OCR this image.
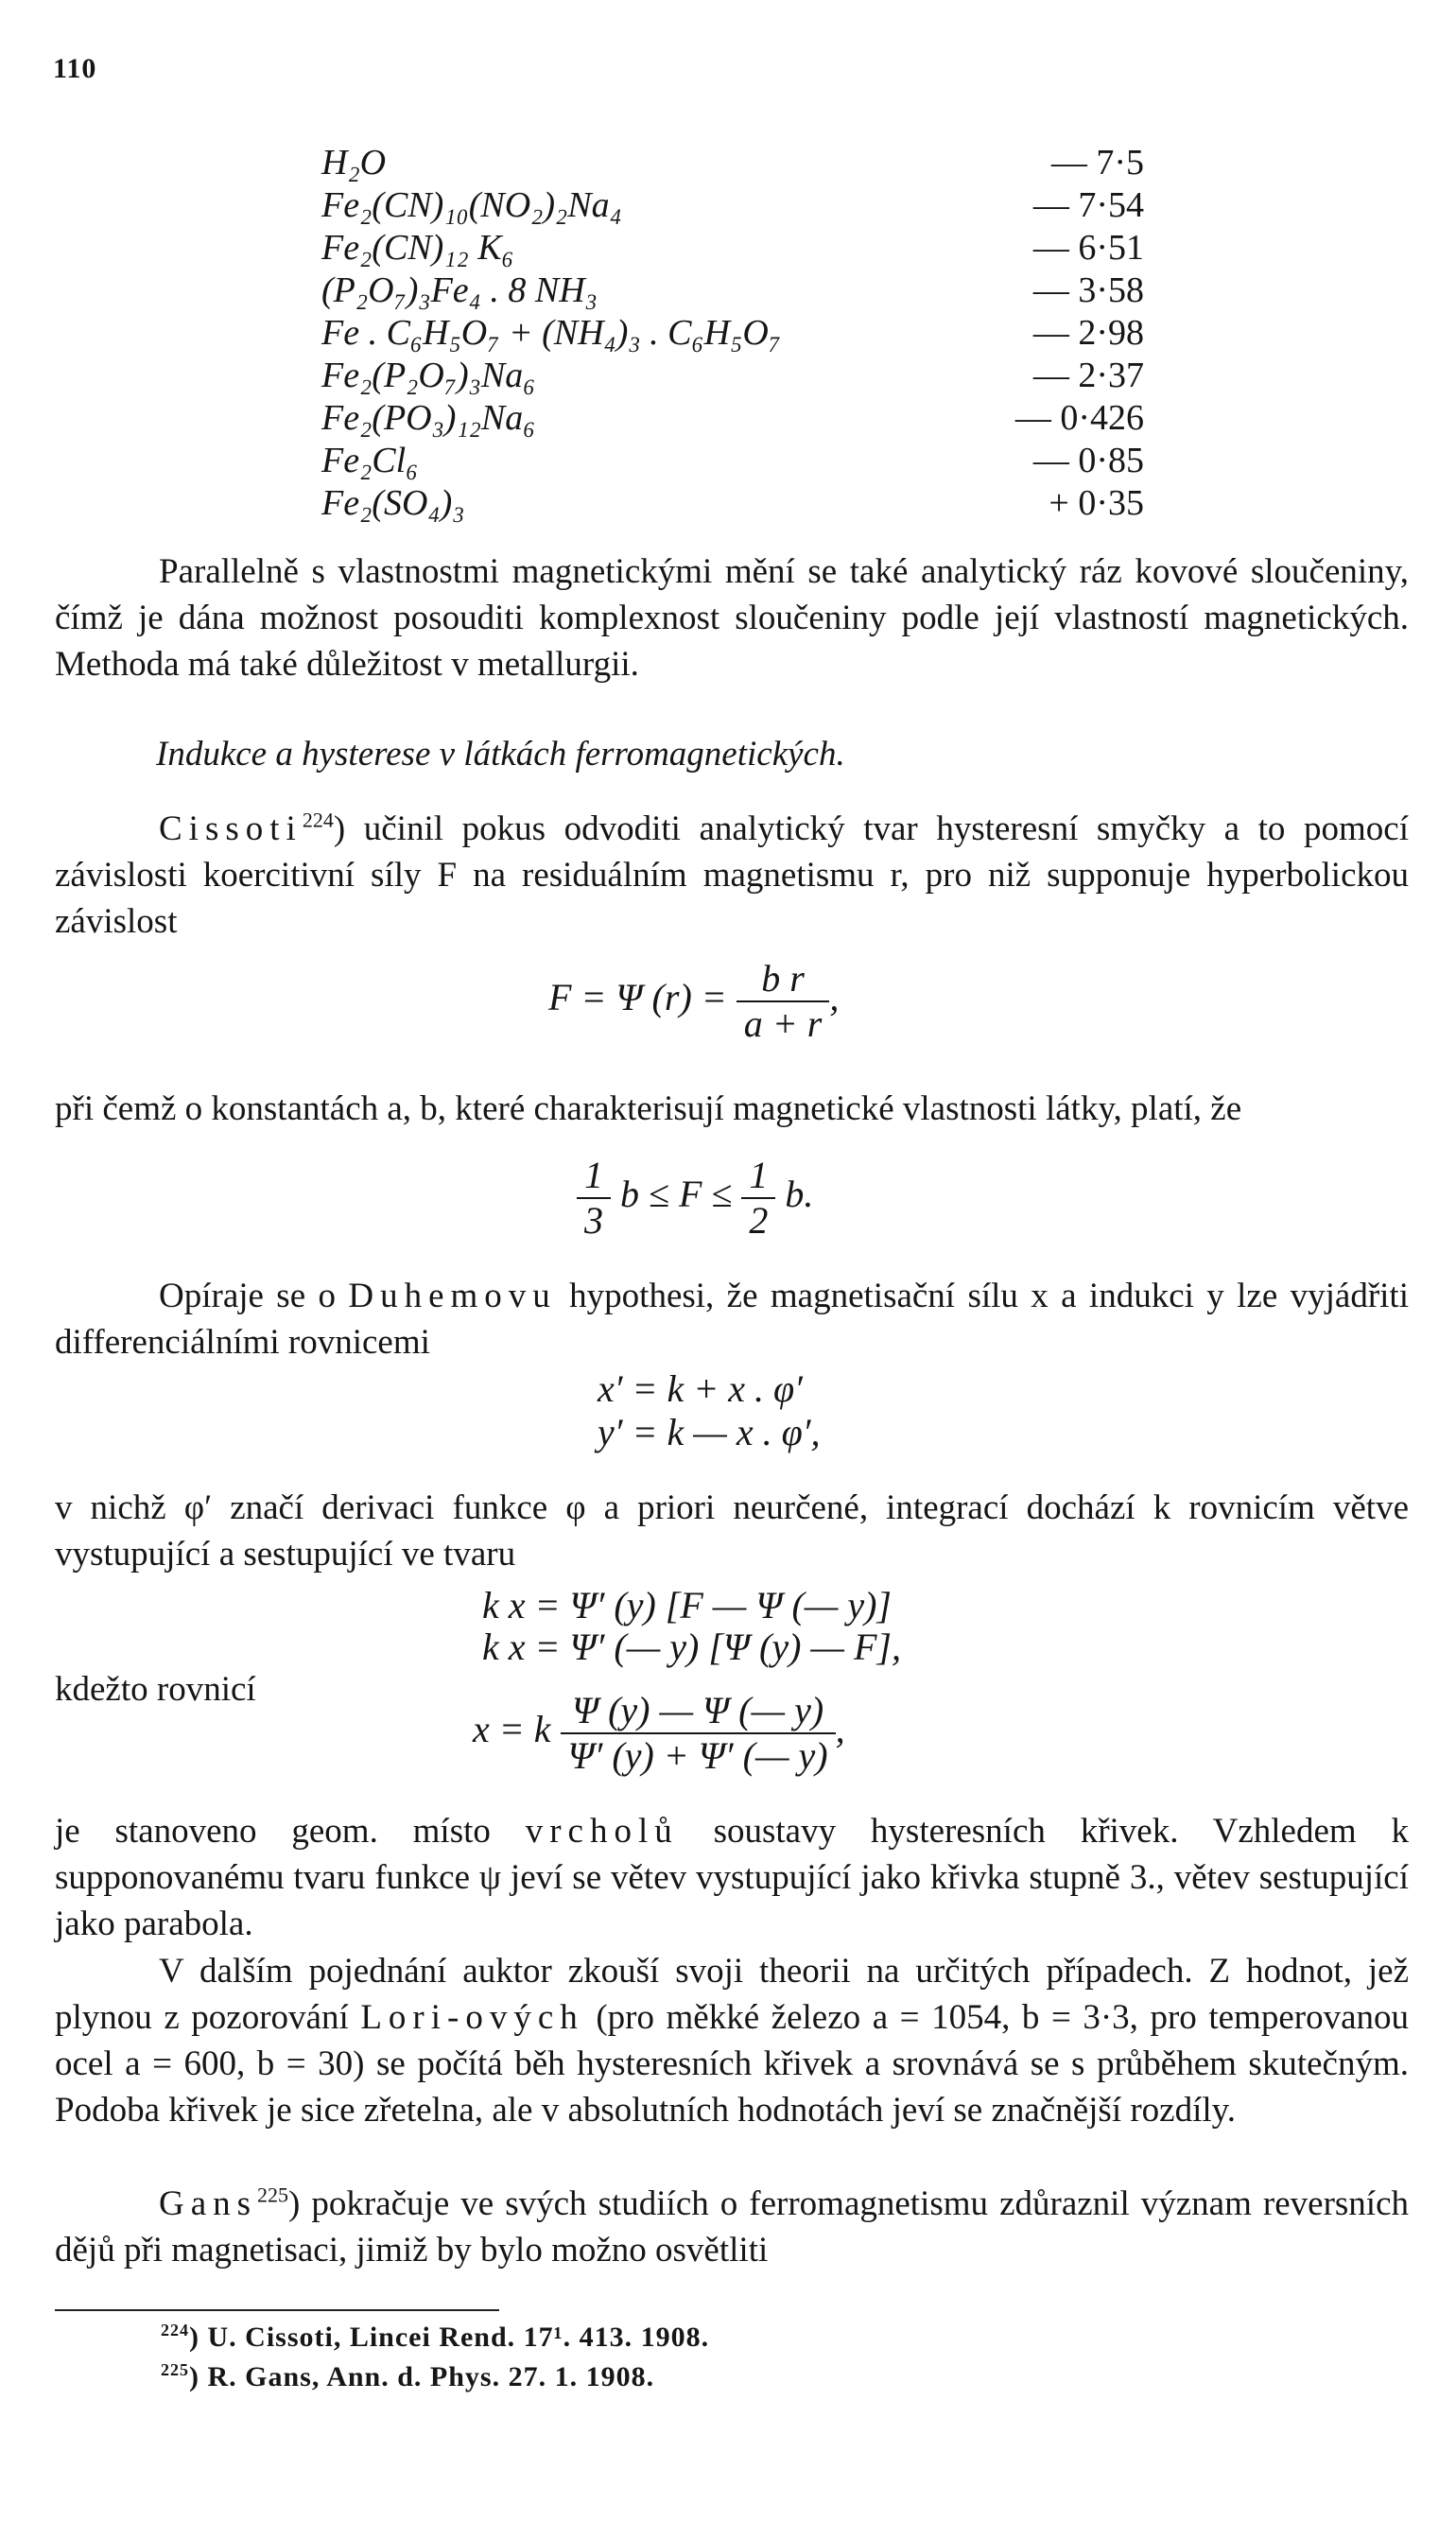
110
H₂O	— 7·5
Fe₂(CN)₁₀(NO₂)₂Na₄	— 7·54
Fe₂(CN)₁₂ K₆	— 6·51
(P₂O₇)₃Fe₄ . 8 NH₃	— 3·58
Fe . C₆H₅O₇ + (NH₄)₃ . C₆H₅O₇	— 2·98
Fe₂(P₂O₇)₃Na₆	— 2·37
Fe₂(PO₃)₁₂Na₆	— 0·426
Fe₂Cl₆	— 0·85
Fe₂(SO₄)₃	+ 0·35

Parallelně s vlastnostmi magnetickými mění se také analytický ráz kovové sloučeniny, čímž je dána možnost posouditi komplexnost sloučeniny podle její vlastností magnetických. Methoda má také důležitost v metallurgii.

Indukce a hysterese v látkách ferromagnetických.

Cissoti$^{224}$) učinil pokus odvoditi analytický tvar hysteresní smyčky a to pomocí závislosti koercitivní síly F na residuálním magnetismu r, pro niž supponuje hyperbolickou závislost

F = Ψ $(r) = \frac{\text{b r}}{a + r}$ ,

při čemž o konstantách a, b, které charakterisují magnetické vlastnosti látky, platí, že

$\frac{1}{3}$ $b \le F \le \frac{1}{2} b$.

Opíraje se o Duhemovu hypothesi, že magnetisační sílu x a indukci y lze vyjádřiti differenciálními rovnicemi

x′ = k + x . φ′
y′ = k — x . φ′,

v nichž φ′ značí derivaci funkce φ a priori neurčené, integrací dochází k rovnicím větve vystupující a sestupující ve tvaru

k x = Ψ′ (y) [F — Ψ (— y)]
k x = Ψ′ (— y) [Ψ (y) — F],
kdežto rovnicí
x = k $\frac{\Psi (y) — \Psi (— y)}{\Psi' (y) + \Psi' (— y)}$ ,

je stanoveno geom. místo vrcholů soustavy hysteresních křivek. Vzhledem k supponovanému tvaru funkce ψ jeví se větev vystupující jako křivka stupně 3., větev sestupující jako parabola.

V dalším pojednání auktor zkouší svoji theorii na určitých případech. Z hodnot, jež plynou z pozorování Lori-ových (pro měkké železo a = 1054, b = 3·3, pro temperovanou ocel a = 600, b = 30) se počítá běh hysteresních křivek a srovnává se s průběhem skutečným. Podoba křivek je sice zřetelna, ale v absolutních hodnotách jeví se značnější rozdíly.

Gans$^{225}$) pokračuje ve svých studiích o ferromagnetismu zdůraznil význam reversních dějů při magnetisaci, jimiž by bylo možno osvětliti

$^{224}$) U. Cissoti, Lincei Rend. 17¹. 413. 1908.
$^{225}$) R. Gans, Ann. d. Phys. 27. 1. 1908.
